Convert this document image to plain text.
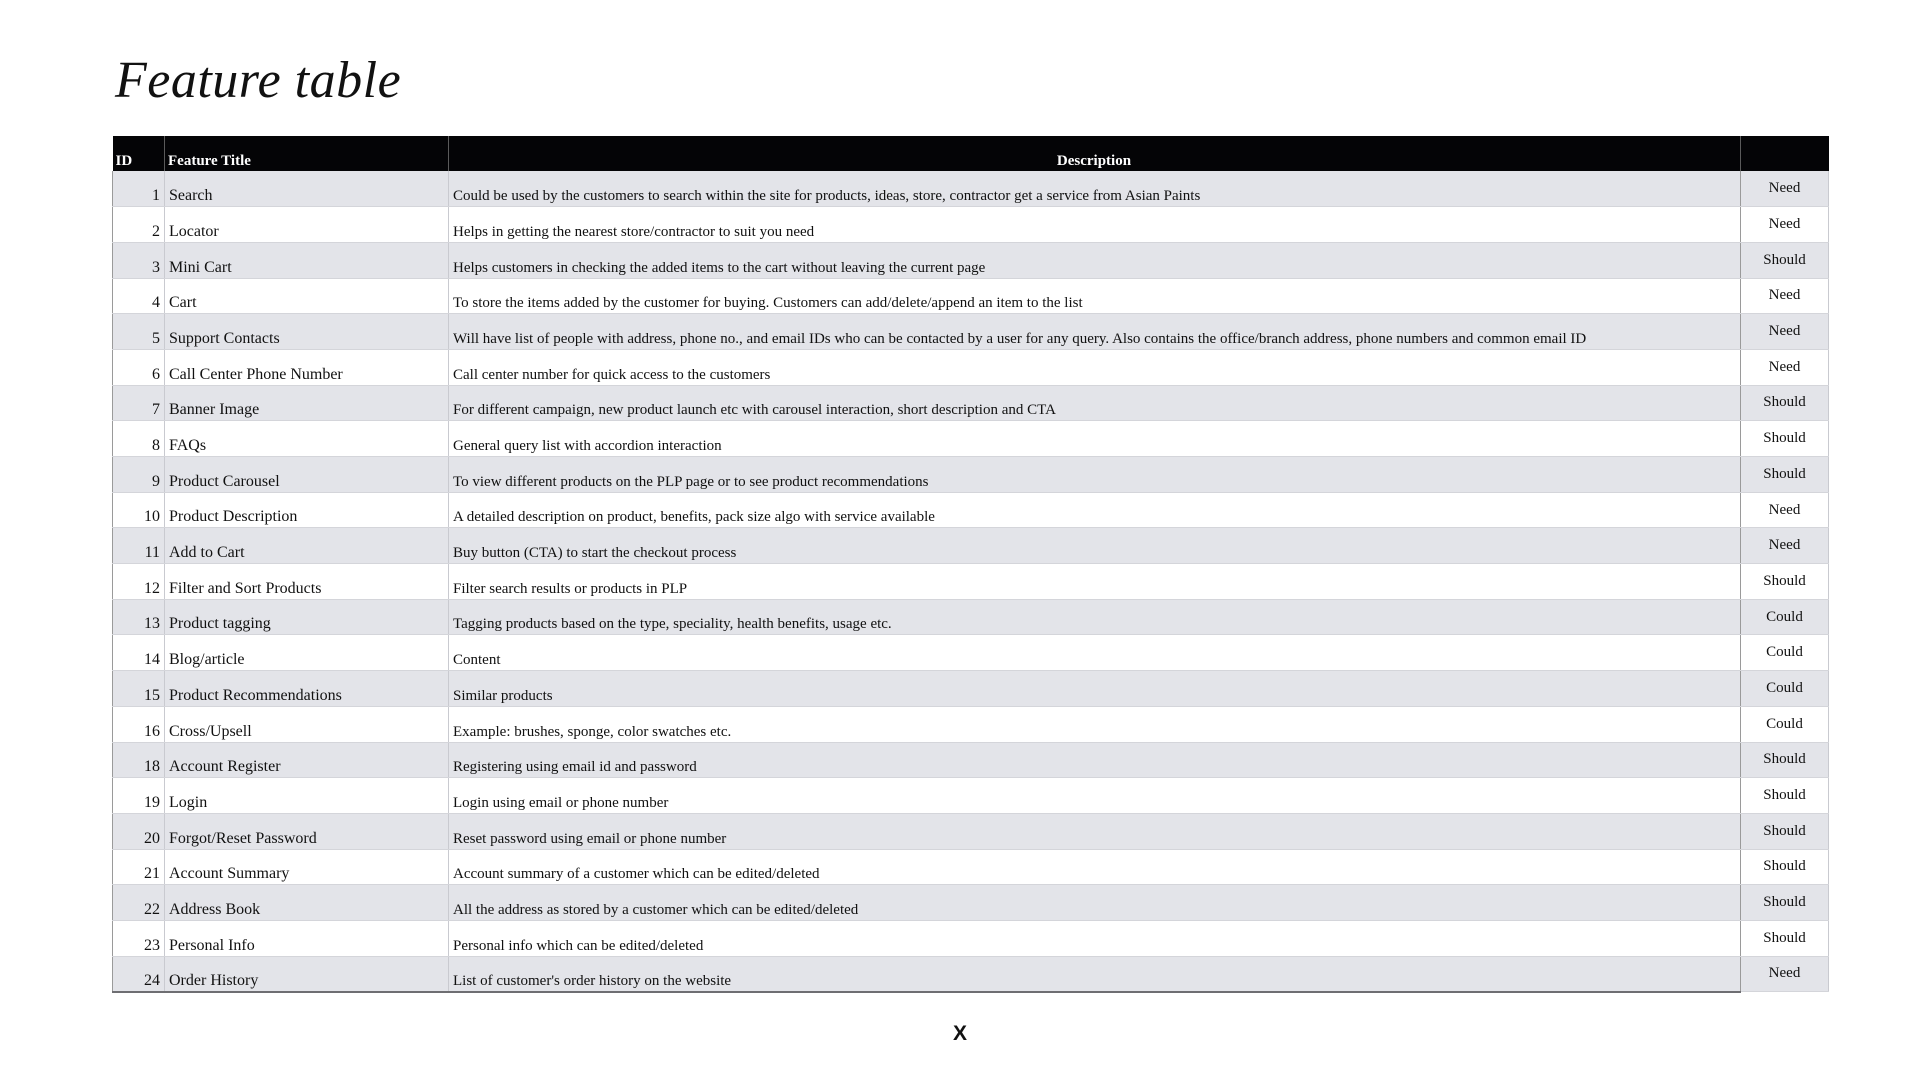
Feature table
ID	Feature Title	Description	
1	Search	Could be used by the customers to search within the site for products, ideas, store, contractor get a service from Asian Paints	Need
2	Locator	Helps in getting the nearest store/contractor to suit you need	Need
3	Mini Cart	Helps customers in checking the added items to the cart without leaving the current page	Should
4	Cart	To store the items added by the customer for buying. Customers can add/delete/append an item to the list	Need
5	Support Contacts	Will have list of people with address, phone no., and email IDs who can be contacted by a user for any query. Also contains the office/branch address, phone numbers and common email ID	Need
6	Call Center Phone Number	Call center number for quick access to the customers	Need
7	Banner Image	For different campaign, new product launch etc with carousel interaction, short description and CTA	Should
8	FAQs	General query list with accordion interaction	Should
9	Product Carousel	To view different products on the PLP page or to see product recommendations	Should
10	Product Description	A detailed description on product, benefits, pack size algo with service available	Need
11	Add to Cart	Buy button (CTA) to start the checkout process	Need
12	Filter and Sort Products	Filter search results or products in PLP	Should
13	Product tagging	Tagging products based on the type, speciality, health benefits, usage etc.	Could
14	Blog/article	Content	Could
15	Product Recommendations	Similar products	Could
16	Cross/Upsell	Example: brushes, sponge, color swatches etc.	Could
18	Account Register	Registering using email id and password	Should
19	Login	Login using email or phone number	Should
20	Forgot/Reset Password	Reset password using email or phone number	Should
21	Account Summary	Account summary of a customer which can be edited/deleted	Should
22	Address Book	All the address as stored by a customer which can be edited/deleted	Should
23	Personal Info	Personal info which can be edited/deleted	Should
24	Order History	List of customer's order history on the website	Need
X
